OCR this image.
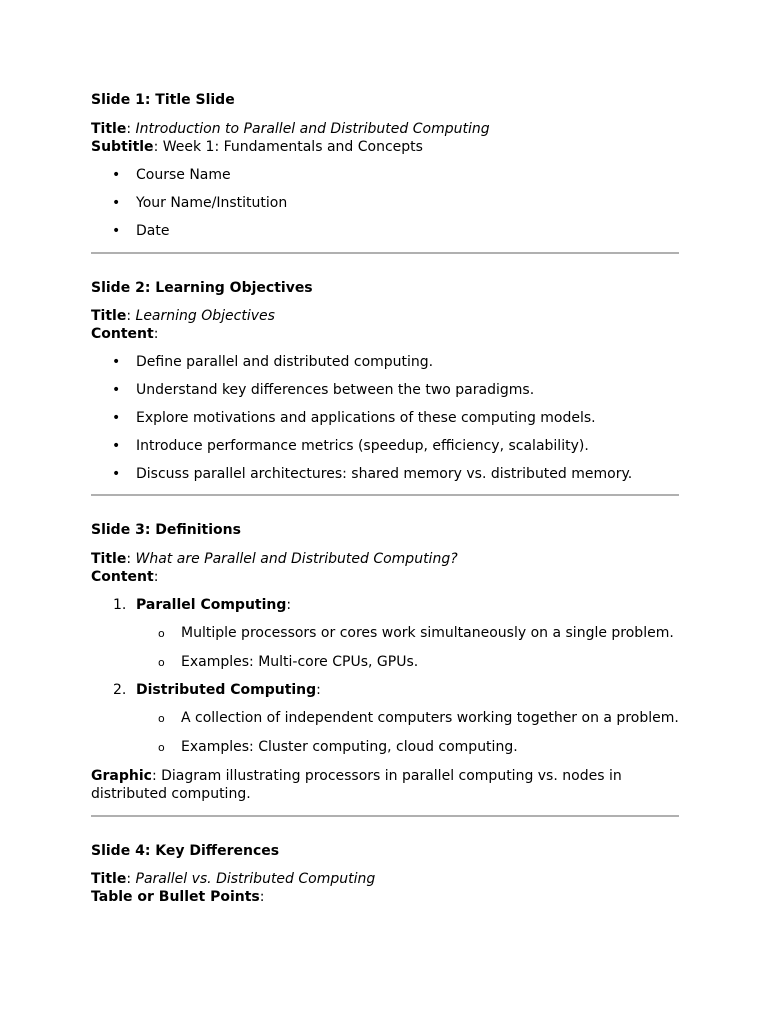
Slide 1: Title Slide

Title: Introduction to Parallel and Distributed Computing

Subtitle: Week 1: Fundamentals and Concepts

• Course Name
• Your Name/Institution
• Date

Slide 2: Learning Objectives

Title: Learning Objectives

Content:

• Define parallel and distributed computing.
• Understand key differences between the two paradigms.
• Explore motivations and applications of these computing models.
• Introduce performance metrics (speedup, efficiency, scalability).
• Discuss parallel architectures: shared memory vs. distributed memory.

Slide 3: Definitions

Title: What are Parallel and Distributed Computing?

Content:

1. Parallel Computing:
o Multiple processors or cores work simultaneously on a single problem.
o Examples: Multi-core CPUs, GPUs.
2. Distributed Computing:
o A collection of independent computers working together on a problem.
o Examples: Cluster computing, cloud computing.

Graphic: Diagram illustrating processors in parallel computing vs. nodes in distributed computing.

Slide 4: Key Differences

Title: Parallel vs. Distributed Computing

Table or Bullet Points:
